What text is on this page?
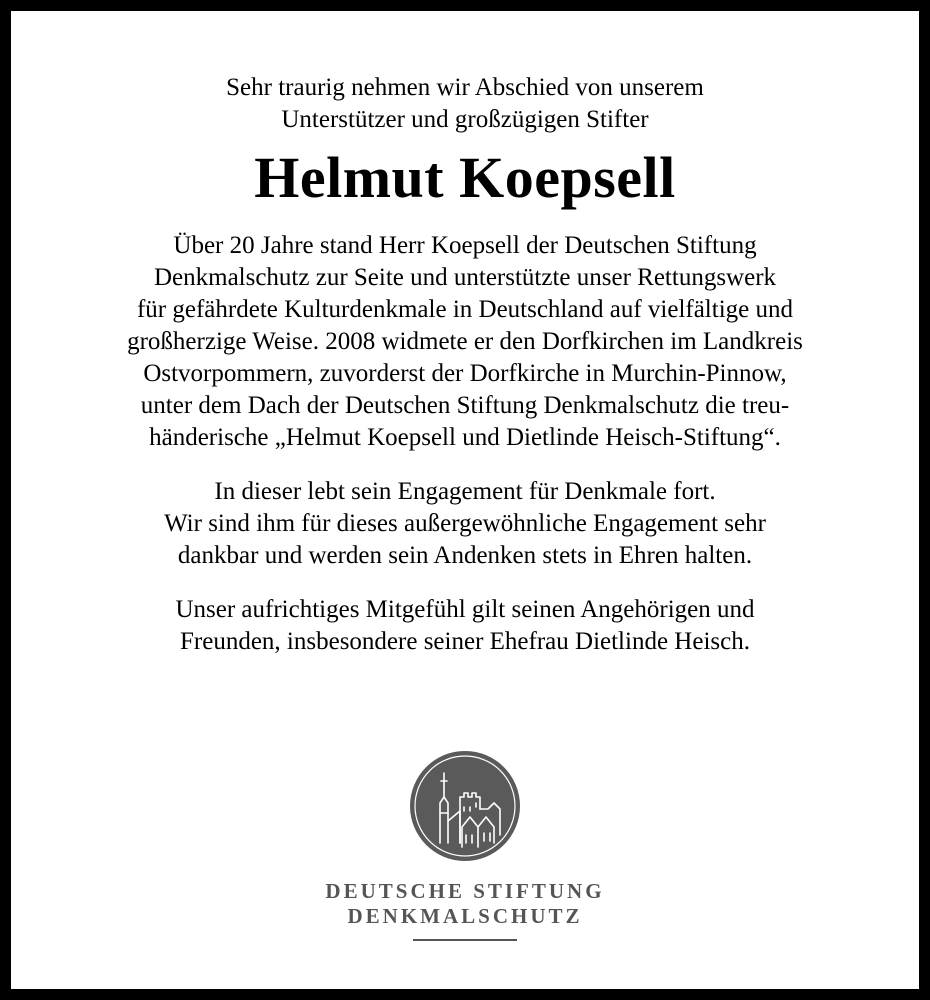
Sehr traurig nehmen wir Abschied von unserem
Unterstützer und großzügigen Stifter

Helmut Koepsell

Über 20 Jahre stand Herr Koepsell der Deutschen Stiftung
Denkmalschutz zur Seite und unterstützte unser Rettungswerk
für gefährdete Kulturdenkmale in Deutschland auf vielfältige und
großherzige Weise. 2008 widmete er den Dorfkirchen im Landkreis
Ostvorpommern, zuvorderst der Dorfkirche in Murchin-Pinnow,
unter dem Dach der Deutschen Stiftung Denkmalschutz die treu-
händerische „Helmut Koepsell und Dietlinde Heisch-Stiftung“.

In dieser lebt sein Engagement für Denkmale fort.
Wir sind ihm für dieses außergewöhnliche Engagement sehr
dankbar und werden sein Andenken stets in Ehren halten.

Unser aufrichtiges Mitgefühl gilt seinen Angehörigen und
Freunden, insbesondere seiner Ehefrau Dietlinde Heisch.

DEUTSCHE STIFTUNG
DENKMALSCHUTZ
